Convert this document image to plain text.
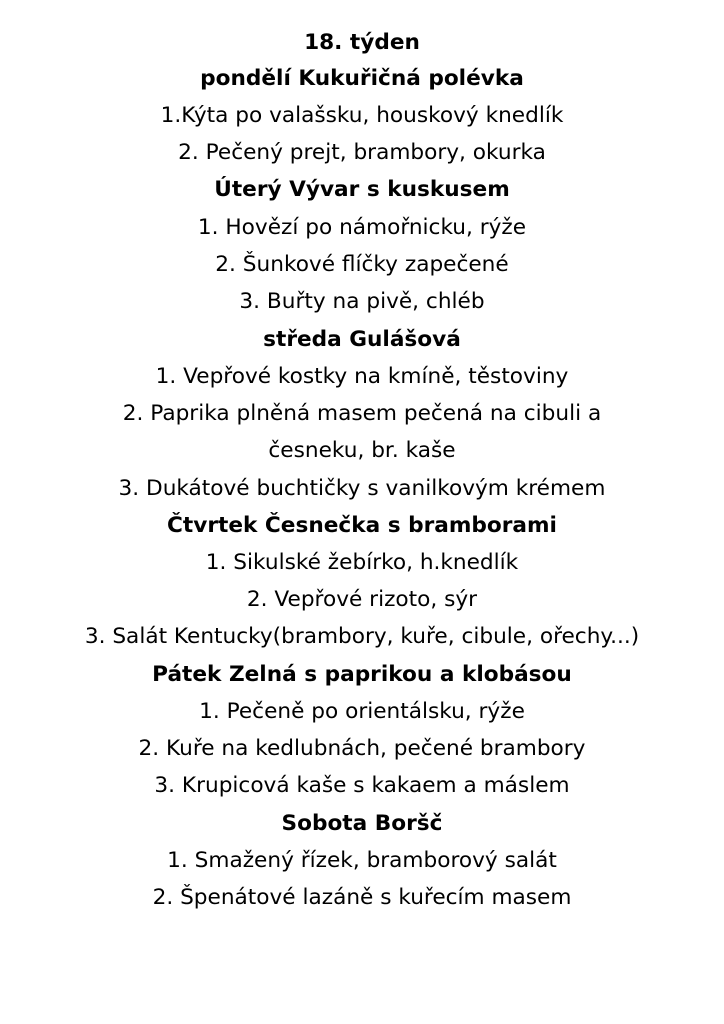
18. týden
pondělí Kukuřičná polévka
1.Kýta po valašsku, houskový knedlík
2. Pečený prejt, brambory, okurka
Úterý Vývar s kuskusem
1. Hovězí po námořnicku, rýže
2. Šunkové flíčky zapečené
3. Buřty na pivě, chléb
středa Gulášová
1. Vepřové kostky na kmíně, těstoviny
2. Paprika plněná masem pečená na cibuli a
česneku, br. kaše
3. Dukátové buchtičky s vanilkovým krémem
Čtvrtek Česnečka s bramborami
1. Sikulské žebírko, h.knedlík
2. Vepřové rizoto, sýr
3. Salát Kentucky(brambory, kuře, cibule, ořechy...)
Pátek Zelná s paprikou a klobásou
1. Pečeně po orientálsku, rýže
2. Kuře na kedlubnách, pečené brambory
3. Krupicová kaše s kakaem a máslem
Sobota Boršč
1. Smažený řízek, bramborový salát
2. Špenátové lazáně s kuřecím masem
